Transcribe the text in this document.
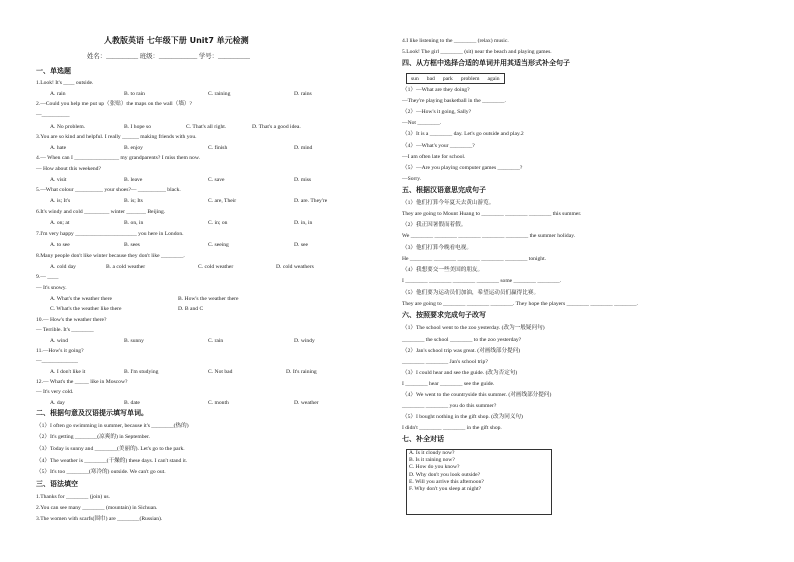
人教版英语 七年级下册 Unit7 单元检测
姓名：__________ 班级：____________ 学号：__________
一、单选题
1.Look! It's ____ outside.
A. rain	B. to rain	C. raining	D. rains
2.—Could you help me put up（张贴）the maps on the wall（墙）?
—__________
A. No problem.	B. I hope so	C. That's all right.	D. That's a good idea.
3.You are so kind and helpful. I really ______ making friends with you.
A. hate	B. enjoy	C. finish	D. mind
4.— When can I ________________ my grandparents? I miss them now.
— How about this weekend?
A. visit	B. leave	C. save	D. miss
5.—What colour __________ your shoes?— __________ black.
A. is; It's	B. is; Its	C. are, Their	D. are. They're
6.It's windy and cold _________ winter _______ Beijing.
A. on; at	B. on, in	C. in; on	D. in, in
7.I'm very happy ______________________ you here in London.
A. to see	B. sees	C. seeing	D. see
8.Many people don't like winter because they don't like ________.
A. cold day	B. a cold weather	C. cold weather	D. cold weathers
9.— ____
— It's snowy.
A. What's the weather there	B. How's the weather there
C. What's the weather like there	D. B and C
10.— How's the weather there?
— Terrible. It's ________
A. wind	B. sunny	C. rain	D. windy
11.—How's it going?
—_____________
A. I don't like it	B. I'm studying	C. Not bad	D. It's raining
12.— What's the _____ like in Moscow?
— It's very cold.
A. day	B. date	C. month	D. weather
二、根据句意及汉语提示填写单词。
（1）I often go swimming in summer, because it's ________(热的)
（2）It's getting ________(凉爽的) in September.
（3）Today is sunny and ________(美丽的). Let's go to the park.
（4）The weather is ________(干燥的) these days. I can't stand it.
（5）It's too ________(寒冷的) outside. We can't go out.
三、语法填空
1.Thanks for ________ (join) us.
2.You can see many ________ (mountain) in Sichuan.
3.The women with scarfs(围巾) are ________(Russian).
4.I like listening to the ________ (relax) music.
5.Look! The girl ________ (sit) near the beach and playing games.
四、从方框中选择合适的单词并用其适当形式补全句子
sun	bad	park	problem	again
（1）—What are they doing?
—They're playing basketball in the ________.
（2）—How's it going, Sally?
—Not ________.
（3）It is a ________ day. Let's go outside and play.2
（4）—What's your ________?
—I am often late for school.
（5）—Are you playing computer games ________?
—Sorry.
五、根据汉语意思完成句子
（1）他们打算今年夏天去黄山游览。
They are going to Mount Huang to ________ ________ ________ this summer.
（2）我正因暑假而着假。
We ________ ________ ________ ________ ________ the summer holiday.
（3）他们打算今晚看电视。
He ________ ________ ________ ________ ________ tonight.
（4）我想要交一些美国的朋友。
I ________ ________ ________ ________ some ________ ________.
（5）他们要为运动员们加油，希望运动员们赢得比赛。
They are going to ________ ________ ________. They hope the players ________ ________ ________.
六、按照要求完成句子改写
（1）The school went to the zoo yesterday. (改为一般疑问句)
________ the school ________ to the zoo yesterday?
（2）Jan's school trip was great. (对画线部分提问)
________ ________ Jan's school trip?
（3）I could hear and see the guide. (改为否定句)
I ________ hear ________ see the guide.
（4）We went to the countryside this summer. (对画线部分提问)
________ ________ you do this summer?
（5）I bought nothing in the gift shop. (改为同义句)
I didn't ________ ________ in the gift shop.
七、补全对话
A. Is it cloudy now?
B. Is it raining now?
C. How do you know?
D. Why don't you look outside?
E. Will you arrive this afternoon?
F. Why don't you sleep at night?
